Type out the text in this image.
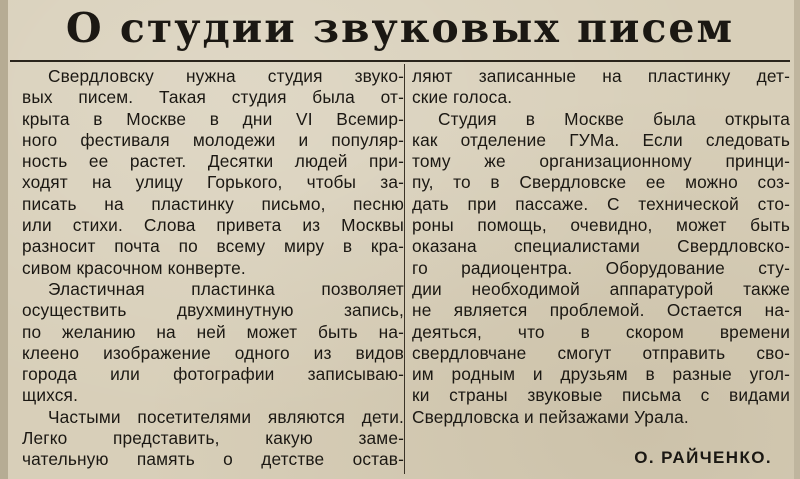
О студии звуковых писем
Свердловску нужна студия звуко-
вых писем. Такая студия была от-
крыта в Москве в дни VI Всемир-
ного фестиваля молодежи и популяр-
ность ее растет. Десятки людей при-
ходят на улицу Горького, чтобы за-
писать на пластинку письмо, песню
или стихи. Слова привета из Москвы
разносит почта по всему миру в кра-
сивом красочном конверте.
Эластичная пластинка позволяет
осуществить двухминутную запись,
по желанию на ней может быть на-
клеено изображение одного из видов
города или фотографии записываю-
щихся.
Частыми посетителями являются дети.
Легко представить, какую заме-
чательную память о детстве остав-
ляют записанные на пластинку дет-
ские голоса.
Студия в Москве была открыта
как отделение ГУМа. Если следовать
тому же организационному принци-
пу, то в Свердловске ее можно соз-
дать при пассаже. С технической сто-
роны помощь, очевидно, может быть
оказана специалистами Свердловско-
го радиоцентра. Оборудование сту-
дии необходимой аппаратурой также
не является проблемой. Остается на-
деяться, что в скором времени
свердловчане смогут отправить сво-
им родным и друзьям в разные угол-
ки страны звуковые письма с видами
Свердловска и пейзажами Урала.
О. РАЙЧЕНКО.
